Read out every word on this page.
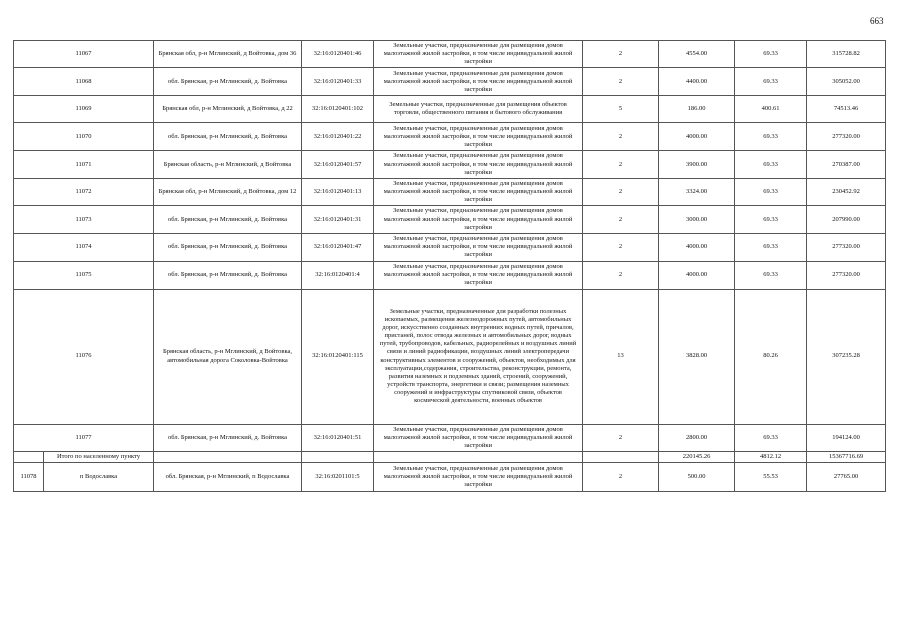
663
11067		Брянская обл, р-н Мглинский, д Войтовка, дом 36	32:16:0120401:46	Земельные участки, предназначенные для размещения домов малоэтажной жилой застройки, в том числе индивидуальной жилой застройки	2	4554.00	69.33	315728.82
11068		обл. Брянская, р-н Мглинский, д. Войтовка	32:16:0120401:33	Земельные участки, предназначенные для размещения домов малоэтажной жилой застройки, в том числе индивидуальной жилой застройки	2	4400.00	69.33	305052.00
11069		Брянская обл, р-н Мглинский, д Войтовка, д 22	32:16:0120401:102	Земельные участки, предназначенные для размещения объектов торговли, общественного питания и бытового обслуживания	5	186.00	400.61	74513.46
11070		обл. Брянская, р-н Мглинский, д. Войтовка	32:16:0120401:22	Земельные участки, предназначенные для размещения домов малоэтажной жилой застройки, в том числе индивидуальной жилой застройки	2	4000.00	69.33	277320.00
11071		Брянская область, р-н Мглинский, д Войтовка	32:16:0120401:57	Земельные участки, предназначенные для размещения домов малоэтажной жилой застройки, в том числе индивидуальной жилой застройки	2	3900.00	69.33	270387.00
11072		Брянская обл, р-н Мглинский, д Войтовка, дом 12	32:16:0120401:13	Земельные участки, предназначенные для размещения домов малоэтажной жилой застройки, в том числе индивидуальной жилой застройки	2	3324.00	69.33	230452.92
11073		обл. Брянская, р-н Мглинский, д. Войтовка	32:16:0120401:31	Земельные участки, предназначенные для размещения домов малоэтажной жилой застройки, в том числе индивидуальной жилой застройки	2	3000.00	69.33	207990.00
11074		обл. Брянская, р-н Мглинский, д. Войтовка	32:16:0120401:47	Земельные участки, предназначенные для размещения домов малоэтажной жилой застройки, в том числе индивидуальной жилой застройки	2	4000.00	69.33	277320.00
11075		обл. Брянская, р-н Мглинский, д. Войтовка	32:16:0120401:4	Земельные участки, предназначенные для размещения домов малоэтажной жилой застройки, в том числе индивидуальной жилой застройки	2	4000.00	69.33	277320.00
11076		Брянская область, р-н Мглинский, д Войтовка, автомобильная дорога Соколовка-Войтовка	32:16:0120401:115	Земельные участки, предназначенные для разработки полезных ископаемых, размещения железнодорожных путей, автомобильных дорог, искусственно созданных внутренних водных путей, причалов, пристаней, полос отвода железных и автомобильных дорог, водных путей, трубопроводов, кабельных, радиорелейных и воздушных линий связи и линий радиофикации, воздушных линий электропередачи конструктивных элементов и сооружений, объектов, необходимых для эксплуатации,содержания, строительства, реконструкции, ремонта, развития наземных и подземных зданий, строений, сооружений, устройств транспорта, энергетики и связи; размещения наземных сооружений и инфраструктуры спутниковой связи, объектов космической деятельности, военных объектов	13	3828.00	80.26	307235.28
11077		обл. Брянская, р-н Мглинский, д. Войтовка	32:16:0120401:51	Земельные участки, предназначенные для размещения домов малоэтажной жилой застройки, в том числе индивидуальной жилой застройки	2	2800.00	69.33	194124.00
	Итого по населенному пункту					220145.26	4812.12	15367716.69
11078	п Водославка	обл. Брянская, р-н Мглинский, п Водославка	32:16:0201101:5	Земельные участки, предназначенные для размещения домов малоэтажной жилой застройки, в том числе индивидуальной жилой застройки	2	500.00	55.53	27765.00
